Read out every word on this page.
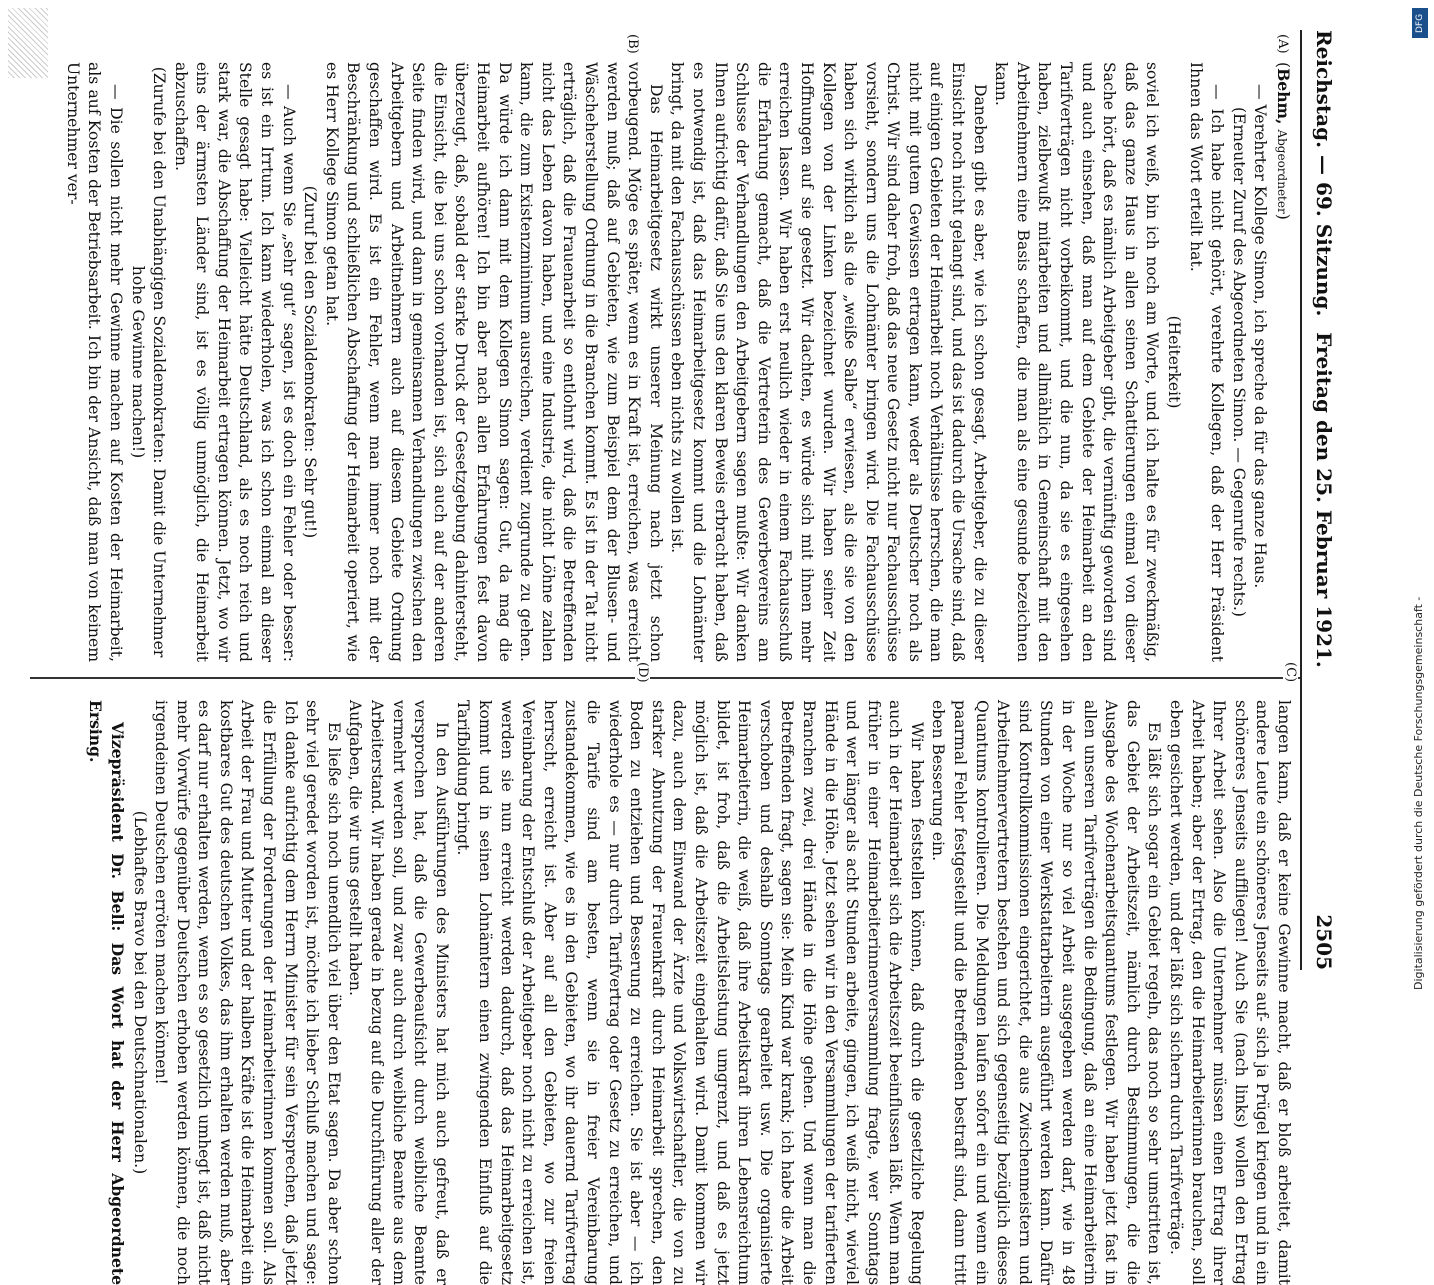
Reichstag. — 69. Sitzung.
Freitag den 25. Februar 1921.
2505
(A)
(B)
(C)
(D)

(Behm, Abgeordneter)

— Verehrter Kollege Simon, ich spreche da für das ganze Haus.

(Erneuter Zuruf des Abgeordneten Simon. — Gegenrufe rechts.)

— Ich habe nicht gehört, verehrte Kollegen, daß der Herr Präsident Ihnen das Wort erteilt hat.

(Heiterkeit)

soviel ich weiß, bin ich noch am Worte, und ich halte es für zweckmäßig, daß das ganze Haus in allen seinen Schattierungen einmal von dieser Sache hört, daß es nämlich Arbeitgeber gibt, die vernünftig geworden sind und auch einsehen, daß man auf dem Gebiete der Heimarbeit an den Tarifverträgen nicht vorbeikommt, und die nun, da sie es eingesehen haben, zielbewußt mitarbeiten und allmählich in Gemeinschaft mit den Arbeitnehmern eine Basis schaffen, die man als eine gesunde bezeichnen kann.

Daneben gibt es aber, wie ich schon gesagt, Arbeitgeber, die zu dieser Einsicht noch nicht gelangt sind, und das ist dadurch die Ursache sind, daß auf einigen Gebieten der Heimarbeit noch Verhältnisse herrschen, die man nicht mit gutem Gewissen ertragen kann, weder als Deutscher noch als Christ. Wir sind daher froh, daß das neue Gesetz nicht nur Fachausschüsse vorsieht, sondern uns die Lohnämter bringen wird. Die Fachausschüsse haben sich wirklich als die „weiße Salbe“ erwiesen, als die sie von den Kollegen von der Linken bezeichnet wurden. Wir haben seiner Zeit Hoffnungen auf sie gesetzt. Wir dachten, es würde sich mit ihnen mehr erreichen lassen. Wir haben erst neulich wieder in einem Fachausschuß die Erfahrung gemacht, daß die Vertreterin des Gewerbevereins am Schlusse der Verhandlungen den Arbeitgebern sagen mußte: Wir danken Ihnen aufrichtig dafür, daß Sie uns den klaren Beweis erbracht haben, daß es notwendig ist, daß das Heimarbeitgesetz kommt und die Lohnämter bringt, da mit den Fachausschüssen eben nichts zu wollen ist.

Das Heimarbeitgesetz wirkt unserer Meinung nach jetzt schon vorbeugend. Möge es später, wenn es in Kraft ist, erreichen, was erreicht werden muß; daß auf Gebieten, wie zum Beispiel dem der Blusen- und Wäscheherstellung Ordnung in die Branchen kommt. Es ist in der Tat nicht erträglich, daß die Frauenarbeit so entlohnt wird, daß die Betreffenden nicht das Leben davon haben, und eine Industrie, die nicht Löhne zahlen kann, die zum Existenzminimum ausreichen, verdient zugrunde zu gehen. Da würde ich dann mit dem Kollegen Simon sagen: Gut, da mag die Heimarbeit aufhören! Ich bin aber nach allen Erfahrungen fest davon überzeugt, daß, sobald der starke Druck der Gesetzgebung dahintersteht, die Einsicht, die bei uns schon vorhanden ist, sich auch auf der anderen Seite finden wird, und dann in gemeinsamen Verhandlungen zwischen den Arbeitgebern und Arbeitnehmern auch auf diesem Gebiete Ordnung geschaffen wird. Es ist ein Fehler, wenn man immer noch mit der Beschränkung und schließlichen Abschaffung der Heimarbeit operiert, wie es Herr Kollege Simon getan hat.

(Zuruf bei den Sozialdemokraten: Sehr gut!)

— Auch wenn Sie „sehr gut“ sagen, ist es doch ein Fehler oder besser: es ist ein Irrtum. Ich kann wiederholen, was ich schon einmal an dieser Stelle gesagt habe: Vielleicht hätte Deutschland, als es noch reich und stark war, die Abschaffung der Heimarbeit ertragen können. Jetzt, wo wir eins der ärmsten Länder sind, ist es völlig unmöglich, die Heimarbeit abzuschaffen.

(Zurufe bei den Unabhängigen Sozialdemokraten: Damit die Unternehmer hohe Gewinne machen!)

— Die sollen nicht mehr Gewinne machen auf Kosten der Heimarbeit, als auf Kosten der Betriebsarbeit. Ich bin der Ansicht, daß man von keinem Unternehmer ver-

langen kann, daß er keine Gewinne macht, daß er bloß arbeitet, damit andere Leute ein schöneres Jenseits auf- sich ja Prügel kriegen und in ein schöneres Jenseits auffliegen! Auch Sie (nach links) wollen den Ertrag Ihrer Arbeit sehen. Also die Unternehmer müssen einen Ertrag ihrer Arbeit haben; aber der Ertrag, den die Heimarbeiterinnen brauchen, soll eben gesichert werden, und der läßt sich sichern durch Tarifverträge.

Es läßt sich sogar ein Gebiet regeln, das noch so sehr umstritten ist, das Gebiet der Arbeitszeit, nämlich durch Bestimmungen, die die Ausgabe des Wochenarbeitsquantums festlegen. Wir haben jetzt fast in allen unseren Tarifverträgen die Bedingung, daß an eine Heimarbeiterin in der Woche nur so viel Arbeit ausgegeben werden darf, wie in 48 Stunden von einer Werkstattarbeiterin ausgeführt werden kann. Dafür sind Kontrollkommissionen eingerichtet, die aus Zwischenmeistern und Arbeitnehmervertretern bestehen und sich gegenseitig bezüglich dieses Quantums kontrollieren. Die Meldungen laufen sofort ein und wenn ein paarmal Fehler festgestellt und die Betreffenden bestraft sind, dann tritt eben Besserung ein.

Wir haben feststellen können, daß durch die gesetzliche Regelung auch in der Heimarbeit sich die Arbeitszeit beeinflussen läßt. Wenn man früher in einer Heimarbeiterinnenversammlung fragte, wer Sonntags und wer länger als acht Stunden arbeite, gingen, ich weiß nicht, wieviel Hände in die Höhe. Jetzt sehen wir in den Versammlungen der tarifierten Branchen zwei, drei Hände in die Höhe gehen. Und wenn man die Betreffenden fragt, sagen sie: Mein Kind war krank; ich habe die Arbeit verschoben und deshalb Sonntags gearbeitet usw. Die organisierte Heimarbeiterin, die weiß, daß ihre Arbeitskraft ihren Lebensreichtum bildet, ist froh, daß die Arbeitsleistung umgrenzt, und daß es jetzt möglich ist, daß die Arbeitszeit eingehalten wird. Damit kommen wir dazu, auch dem Einwand der Ärzte und Volkswirtschaftler, die von zu starker Abnutzung der Frauenkraft durch Heimarbeit sprechen, den Boden zu entziehen und Besserung zu erreichen. Sie ist aber — ich wiederhole es — nur durch Tarifvertrag oder Gesetz zu erreichen, und die Tarife sind am besten, wenn sie in freier Vereinbarung zustandekommen, wie es in den Gebieten, wo ihr dauernd Tarifvertrag herrscht, erreicht ist. Aber auf all den Gebieten, wo zur freien Vereinbarung der Entschluß der Arbeitgeber noch nicht zu erreichen ist, werden sie nun erreicht werden dadurch, daß das Heimarbeitgesetz kommt und in seinen Lohnämtern einen zwingenden Einfluß auf die Tarifbildung bringt.

In den Ausführungen des Ministers hat mich auch gefreut, daß er versprochen hat, daß die Gewerbeaufsicht durch weibliche Beamte vermehrt werden soll, und zwar auch durch weibliche Beamte aus dem Arbeiterstand. Wir haben gerade in bezug auf die Durchführung aller der Aufgaben, die wir uns gestellt haben.

Es ließe sich noch unendlich viel über den Etat sagen. Da aber schon sehr viel geredet worden ist, möchte ich lieber Schluß machen und sage: Ich danke aufrichtig dem Herrn Minister für sein Versprechen, daß jetzt die Erfüllung der Forderungen der Heimarbeiterinnen kommen soll. Als Arbeit der Frau und Mutter und der halben Kräfte ist die Heimarbeit ein kostbares Gut des deutschen Volkes, das ihm erhalten werden muß, aber es darf nur erhalten werden, wenn es so gesetzlich umhegt ist, daß nicht mehr Vorwürfe gegenüber Deutschen erhoben werden können, die noch irgendeinen Deutschen erröten machen können!

(Lebhaftes Bravo bei den Deutschnationalen.)

Vizepräsident Dr. Bell: Das Wort hat der Herr Abgeordnete Ersing.	Digitalisierung gefördert durch die Deutsche Forschungsgemeinschaft -
DFG
